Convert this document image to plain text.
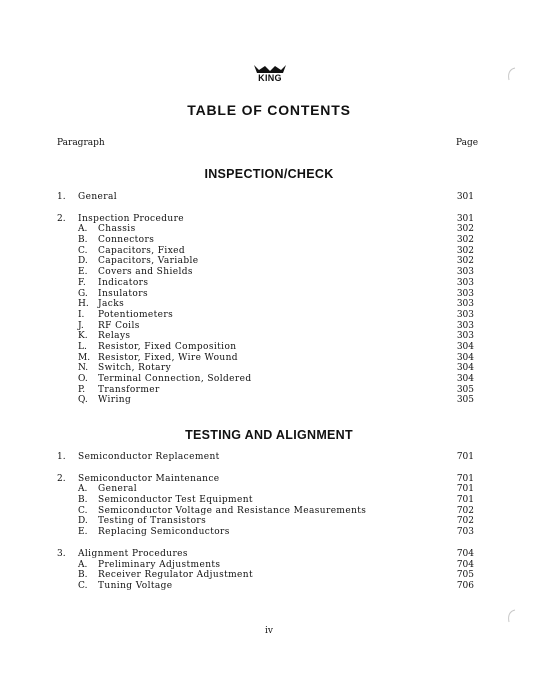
KING
TABLE OF CONTENTS
Paragraph	Page
INSPECTION/CHECK
1. General	301
2. Inspection Procedure	301
A. Chassis	302
B. Connectors	302
C. Capacitors, Fixed	302
D. Capacitors, Variable	302
E. Covers and Shields	303
F. Indicators	303
G. Insulators	303
H. Jacks	303
I. Potentiometers	303
J. RF Coils	303
K. Relays	303
L. Resistor, Fixed Composition	304
M. Resistor, Fixed, Wire Wound	304
N. Switch, Rotary	304
O. Terminal Connection, Soldered	304
P. Transformer	305
Q. Wiring	305
TESTING AND ALIGNMENT
1. Semiconductor Replacement	701
2. Semiconductor Maintenance	701
A. General	701
B. Semiconductor Test Equipment	701
C. Semiconductor Voltage and Resistance Measurements	702
D. Testing of Transistors	702
E. Replacing Semiconductors	703
3. Alignment Procedures	704
A. Preliminary Adjustments	704
B. Receiver Regulator Adjustment	705
C. Tuning Voltage	706
iv
